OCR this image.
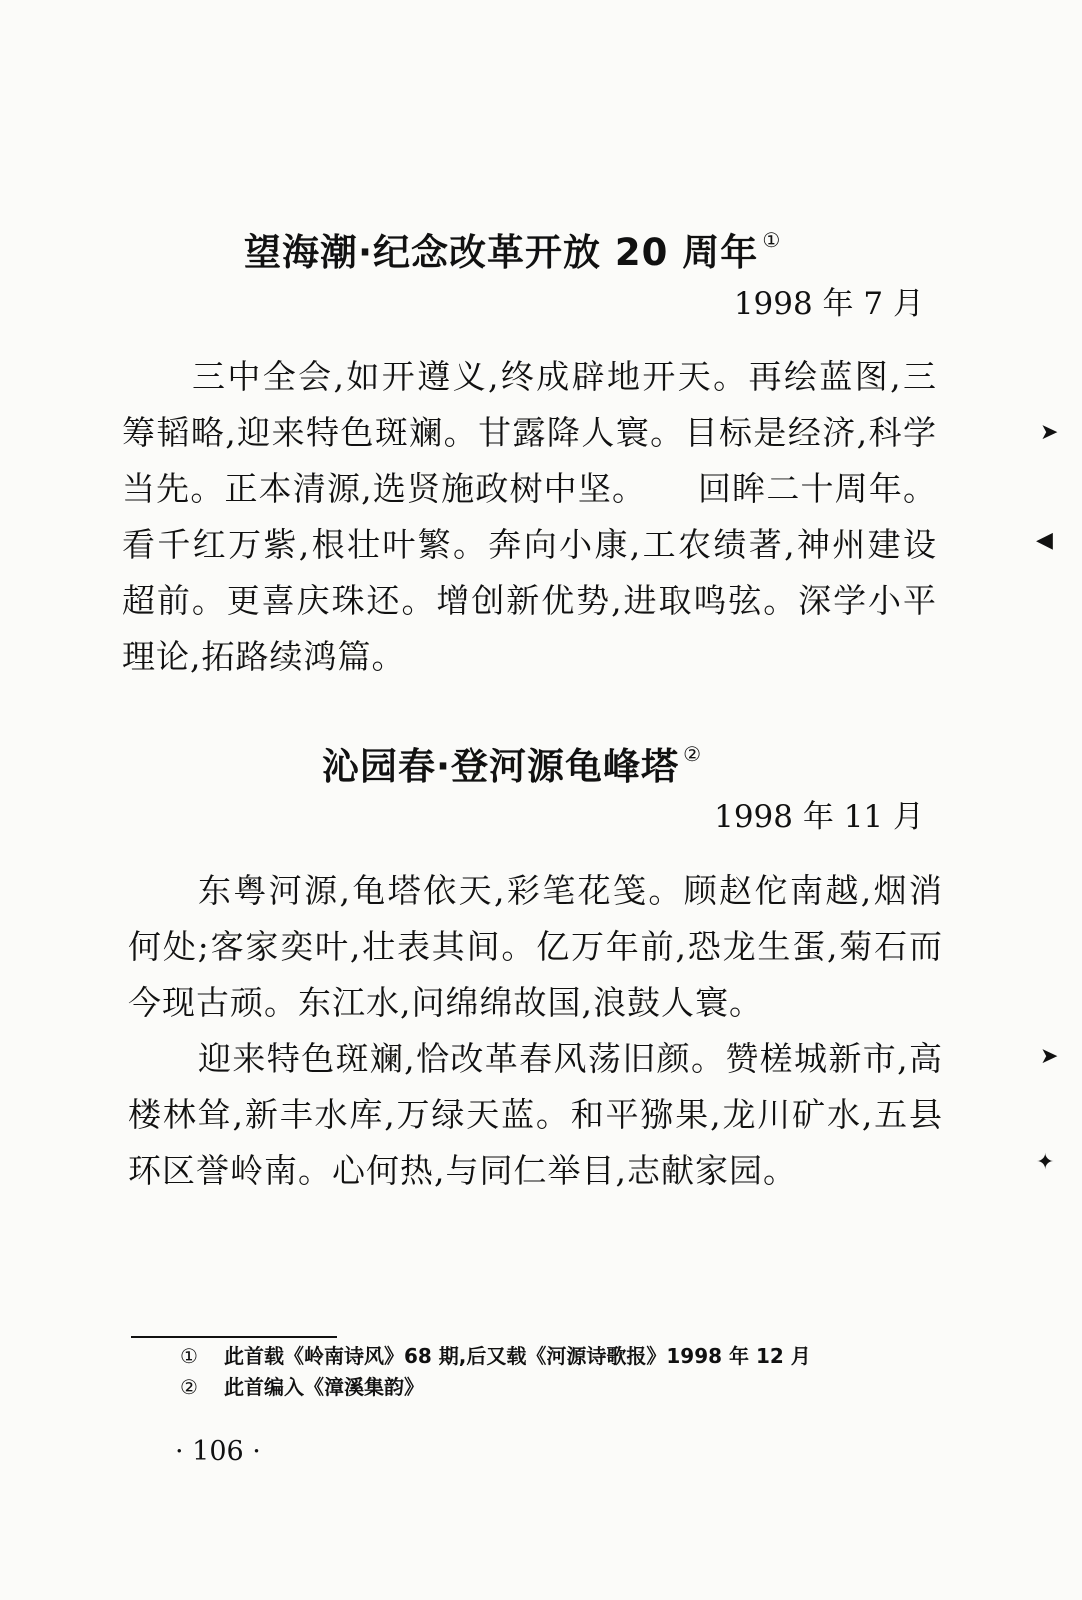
望海潮·纪念改革开放 20 周年 ①
1998 年 7 月

三中全会,如开遵义,终成辟地开天。再绘蓝图,三筹韬略,迎来特色斑斓。甘露降人寰。目标是经济,科学当先。正本清源,选贤施政树中坚。　　回眸二十周年。看千红万紫,根壮叶繁。奔向小康,工农绩著,神州建设超前。更喜庆珠还。增创新优势,进取鸣弦。深学小平理论,拓路续鸿篇。

沁园春·登河源龟峰塔 ②
1998 年 11 月

东粤河源,龟塔依天,彩笔花笺。顾赵佗南越,烟消何处;客家奕叶,壮表其间。亿万年前,恐龙生蛋,菊石而今现古顽。东江水,问绵绵故国,浪鼓人寰。

迎来特色斑斓,恰改革春风荡旧颜。赞槎城新市,高楼林耸,新丰水库,万绿天蓝。和平猕果,龙川矿水,五县环区誉岭南。心何热,与同仁举目,志献家园。

① 此首载《岭南诗风》68 期,后又载《河源诗歌报》1998 年 12 月
② 此首编入《漳溪集韵》
· 106 ·
➤
◀
➤
✦
